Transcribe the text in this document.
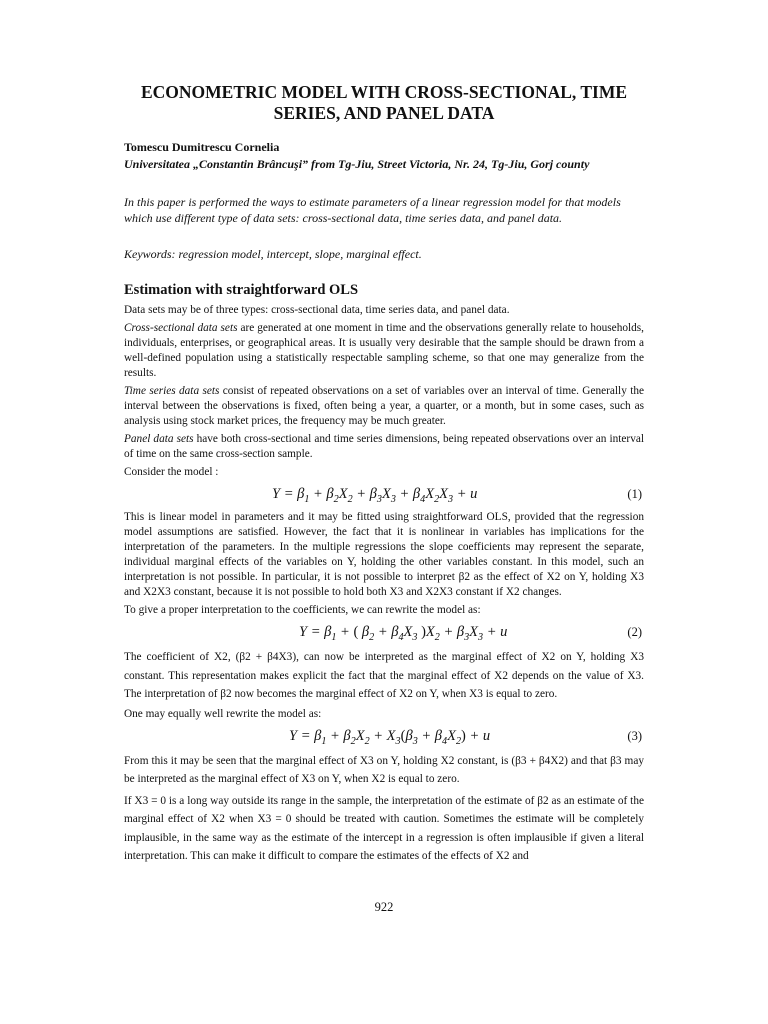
ECONOMETRIC MODEL WITH CROSS-SECTIONAL, TIME SERIES, AND PANEL DATA
Tomescu Dumitrescu Cornelia
Universitatea „Constantin Brâncuşi” from Tg-Jiu, Street Victoria, Nr. 24, Tg-Jiu, Gorj county
In this paper is performed the ways to estimate parameters of a linear regression model for that models which use different type of data sets: cross-sectional data, time series data, and panel data.
Keywords: regression model, intercept, slope, marginal effect.
Estimation with straightforward OLS

Data sets may be of three types: cross-sectional data, time series data, and panel data.

Cross-sectional data sets are generated at one moment in time and the observations generally relate to households, individuals, enterprises, or geographical areas. It is usually very desirable that the sample should be drawn from a well-defined population using a statistically respectable sampling scheme, so that one may generalize from the results.

Time series data sets consist of repeated observations on a set of variables over an interval of time. Generally the interval between the observations is fixed, often being a year, a quarter, or a month, but in some cases, such as analysis using stock market prices, the frequency may be much greater.

Panel data sets have both cross-sectional and time series dimensions, being repeated observations over an interval of time on the same cross-section sample.

Consider the model :

$Y = \beta_1 + \beta_2X_2 + \beta_3X_3 + \beta_4X_2X_3 + u$	(1)

This is linear model in parameters and it may be fitted using straightforward OLS, provided that the regression model assumptions are satisfied. However, the fact that it is nonlinear in variables has implications for the interpretation of the parameters. In the multiple regressions the slope coefficients may represent the separate, individual marginal effects of the variables on Y, holding the other variables constant. In this model, such an interpretation is not possible. In particular, it is not possible to interpret β2 as the effect of X2 on Y, holding X3 and X2X3 constant, because it is not possible to hold both X3 and X2X3 constant if X2 changes.

To give a proper interpretation to the coefficients, we can rewrite the model as:

$Y = \beta_1$ + ( $\beta_2 + \beta_4X_3$ )$X_2 + \beta_3X_3 + u$	(2)

The coefficient of X2, (β2 + β4X3), can now be interpreted as the marginal effect of X2 on Y, holding X3 constant. This representation makes explicit the fact that the marginal effect of X2 depends on the value of X3. The interpretation of β2 now becomes the marginal effect of X2 on Y, when X3 is equal to zero.

One may equally well rewrite the model as:

$Y = \beta_1 + \beta_2X_2 + X_3(\beta_3 + \beta_4X_2) + u$	(3)

From this it may be seen that the marginal effect of X3 on Y, holding X2 constant, is (β3 + β4X2) and that β3 may be interpreted as the marginal effect of X3 on Y, when X2 is equal to zero.

If X3 = 0 is a long way outside its range in the sample, the interpretation of the estimate of β2 as an estimate of the marginal effect of X2 when X3 = 0 should be treated with caution. Sometimes the estimate will be completely implausible, in the same way as the estimate of the intercept in a regression is often implausible if given a literal interpretation. This can make it difficult to compare the estimates of the effects of X2 and

922
